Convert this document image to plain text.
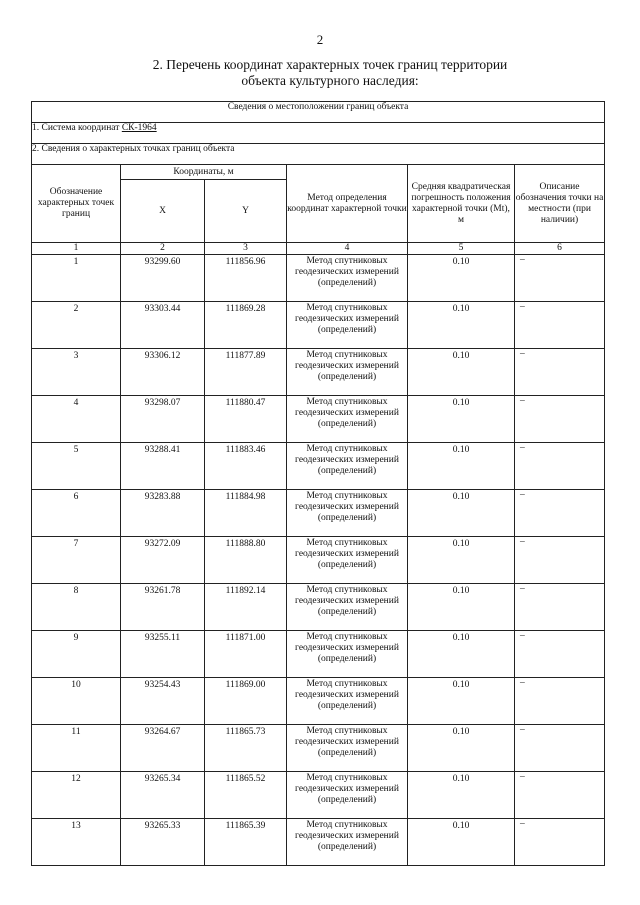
2
2. Перечень координат характерных точек границ территории
объекта культурного наследия:
Сведения о местоположении границ объекта					
1. Система координат СК-1964					
2. Сведения о характерных точках границ объекта					
Обозначение характерных точек границ	Координаты, м		Метод определения координат характерной точки	Средняя квадратическая погрешность положения характерной точки (Mt), м	Описание обозначения точки на местности (при наличии)
	X	Y			
1	2	3	4	5	6
1	93299.60	111856.96	Метод спутниковых геодезических измерений (определений)	0.10	–
2	93303.44	111869.28	Метод спутниковых геодезических измерений (определений)	0.10	–
3	93306.12	111877.89	Метод спутниковых геодезических измерений (определений)	0.10	–
4	93298.07	111880.47	Метод спутниковых геодезических измерений (определений)	0.10	–
5	93288.41	111883.46	Метод спутниковых геодезических измерений (определений)	0.10	–
6	93283.88	111884.98	Метод спутниковых геодезических измерений (определений)	0.10	–
7	93272.09	111888.80	Метод спутниковых геодезических измерений (определений)	0.10	–
8	93261.78	111892.14	Метод спутниковых геодезических измерений (определений)	0.10	–
9	93255.11	111871.00	Метод спутниковых геодезических измерений (определений)	0.10	–
10	93254.43	111869.00	Метод спутниковых геодезических измерений (определений)	0.10	–
11	93264.67	111865.73	Метод спутниковых геодезических измерений (определений)	0.10	–
12	93265.34	111865.52	Метод спутниковых геодезических измерений (определений)	0.10	–
13	93265.33	111865.39	Метод спутниковых геодезических измерений (определений)	0.10	–
